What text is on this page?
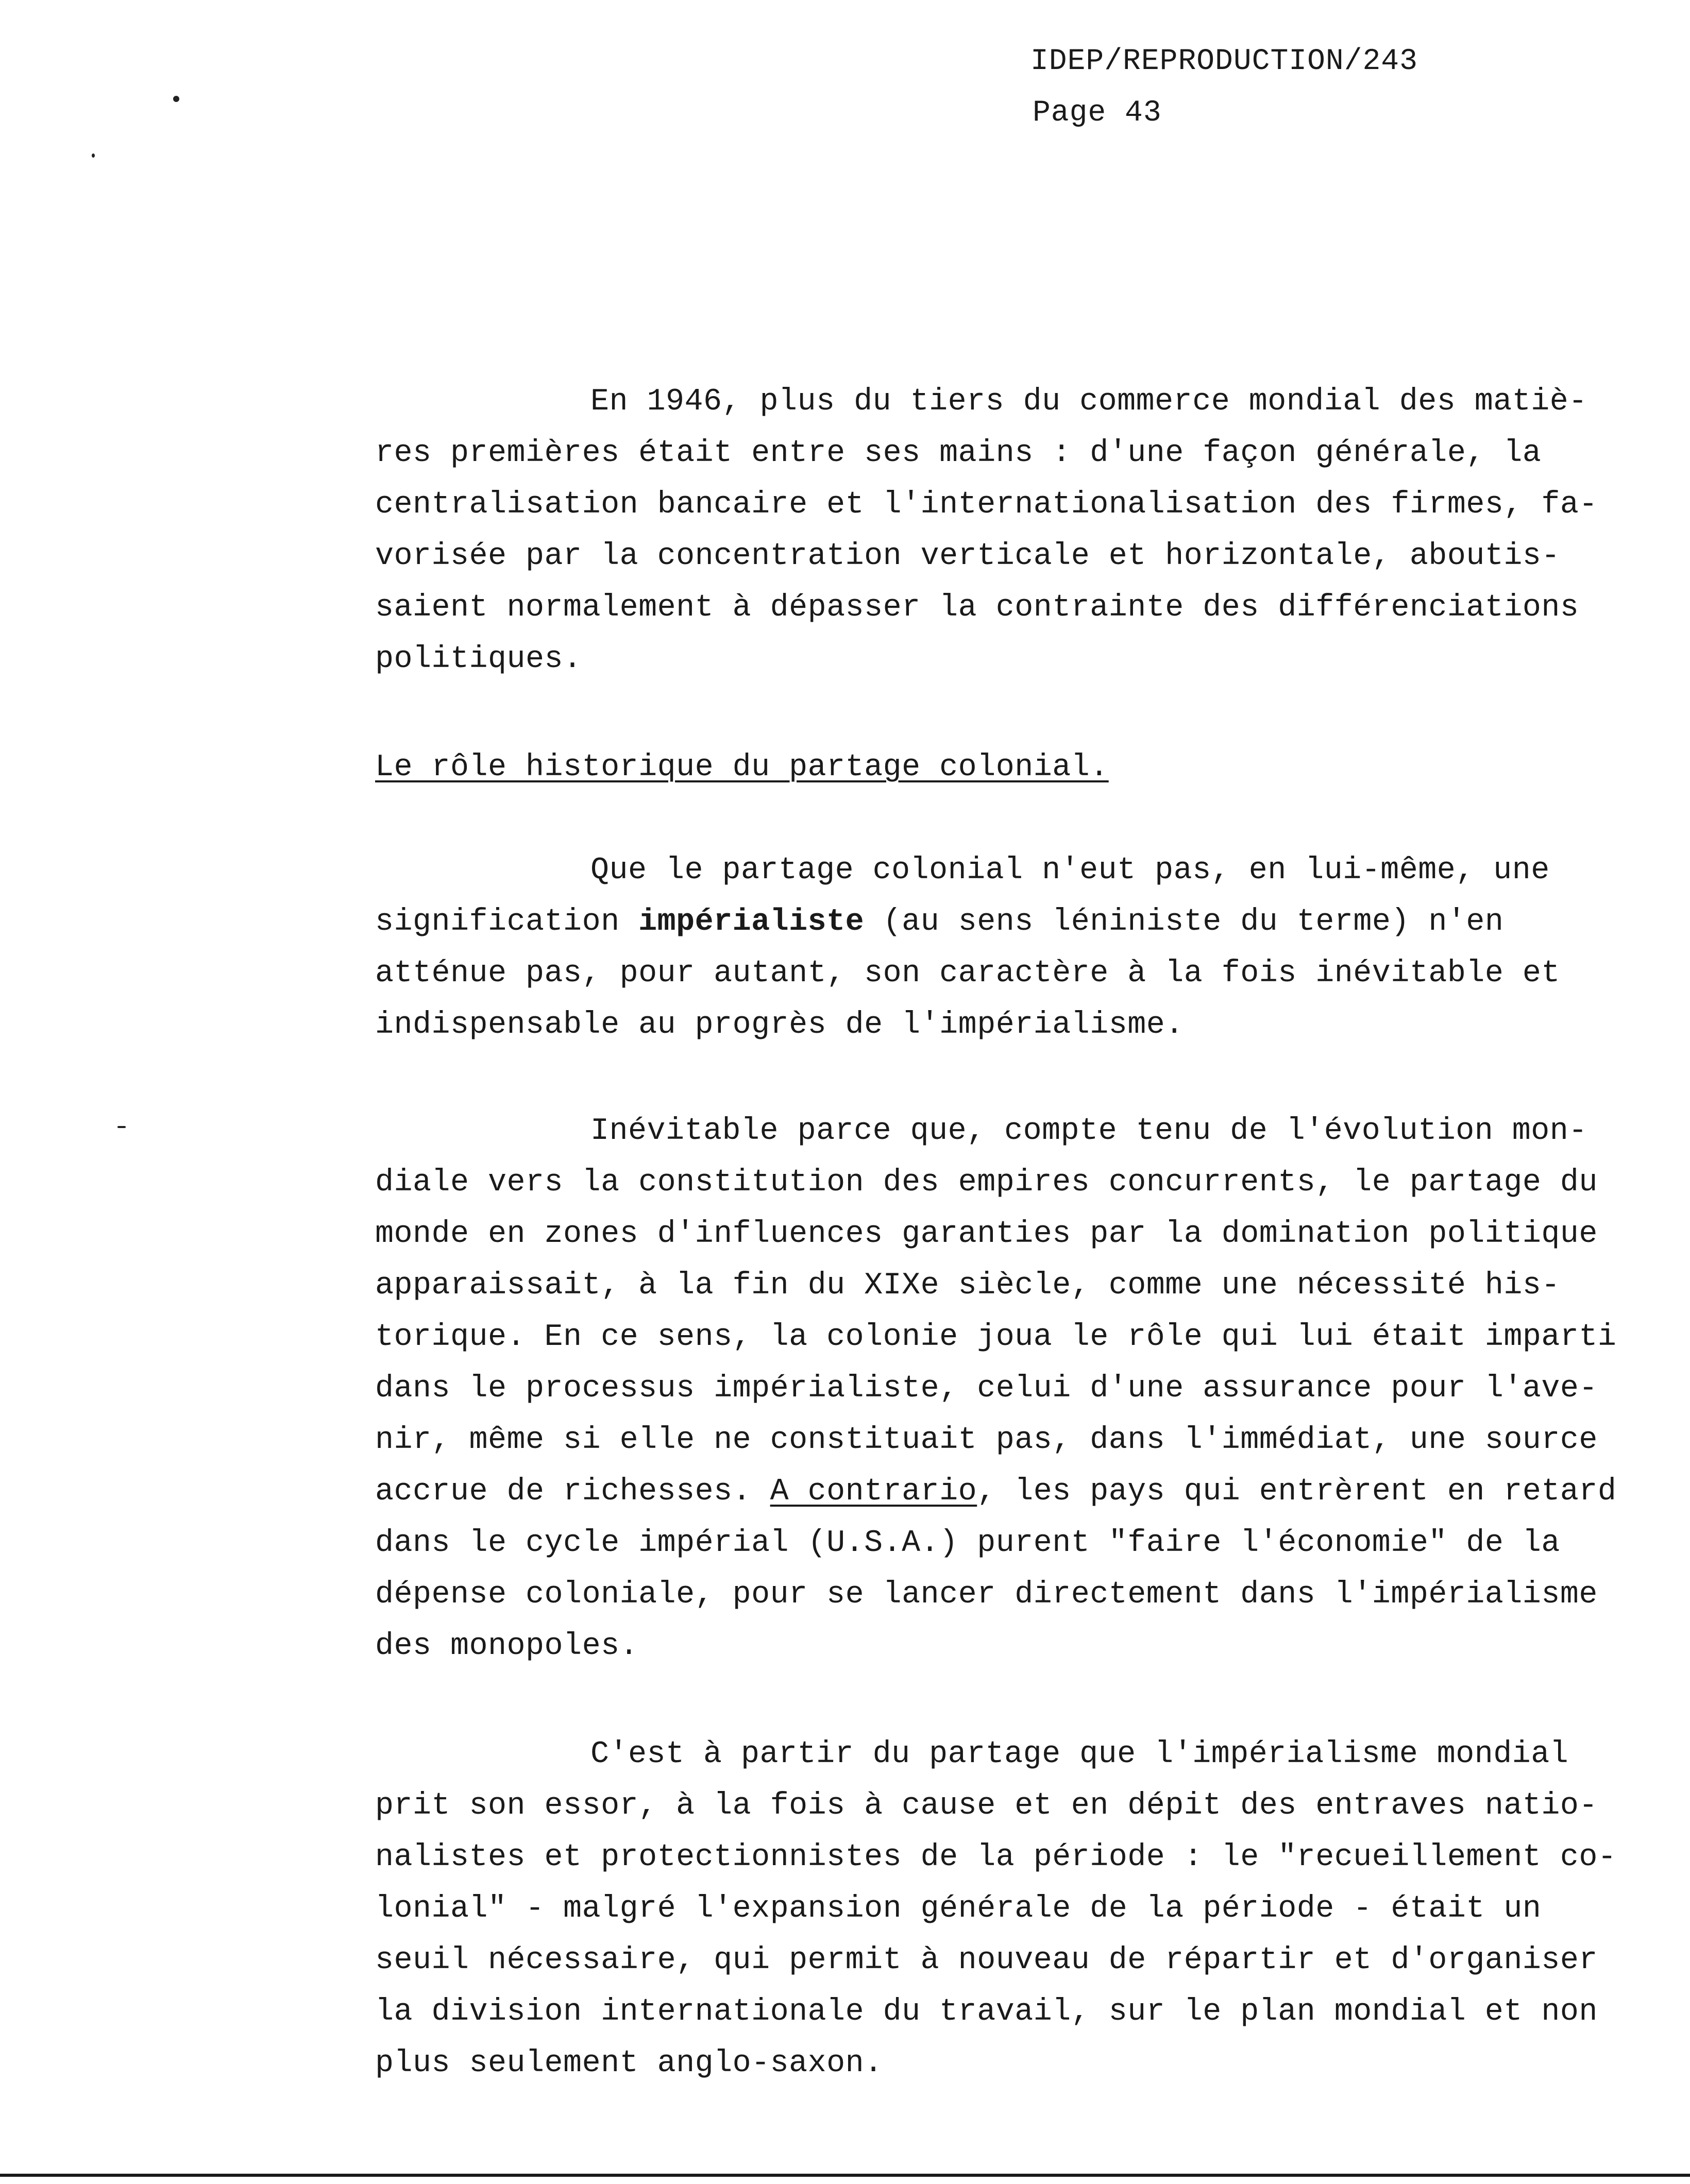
IDEP/REPRODUCTION/243
Page 43
En 1946, plus du tiers du commerce mondial des matiè-
res premières était entre ses mains : d'une façon générale, la
centralisation bancaire et l'internationalisation des firmes, fa-
vorisée par la concentration verticale et horizontale, aboutis-
saient normalement à dépasser la contrainte des différenciations
politiques.
Le rôle historique du partage colonial.
Que le partage colonial n'eut pas, en lui-même, une
signification impérialiste (au sens léniniste du terme) n'en
atténue pas, pour autant, son caractère à la fois inévitable et
indispensable au progrès de l'impérialisme.
Inévitable parce que, compte tenu de l'évolution mon-
diale vers la constitution des empires concurrents, le partage du
monde en zones d'influences garanties par la domination politique
apparaissait, à la fin du XIXe siècle, comme une nécessité his-
torique. En ce sens, la colonie joua le rôle qui lui était imparti
dans le processus impérialiste, celui d'une assurance pour l'ave-
nir, même si elle ne constituait pas, dans l'immédiat, une source
accrue de richesses. A contrario, les pays qui entrèrent en retard
dans le cycle impérial (U.S.A.) purent "faire l'économie" de la
dépense coloniale, pour se lancer directement dans l'impérialisme
des monopoles.
C'est à partir du partage que l'impérialisme mondial
prit son essor, à la fois à cause et en dépit des entraves natio-
nalistes et protectionnistes de la période : le "recueillement co-
lonial" - malgré l'expansion générale de la période - était un
seuil nécessaire, qui permit à nouveau de répartir et d'organiser
la division internationale du travail, sur le plan mondial et non
plus seulement anglo-saxon.
